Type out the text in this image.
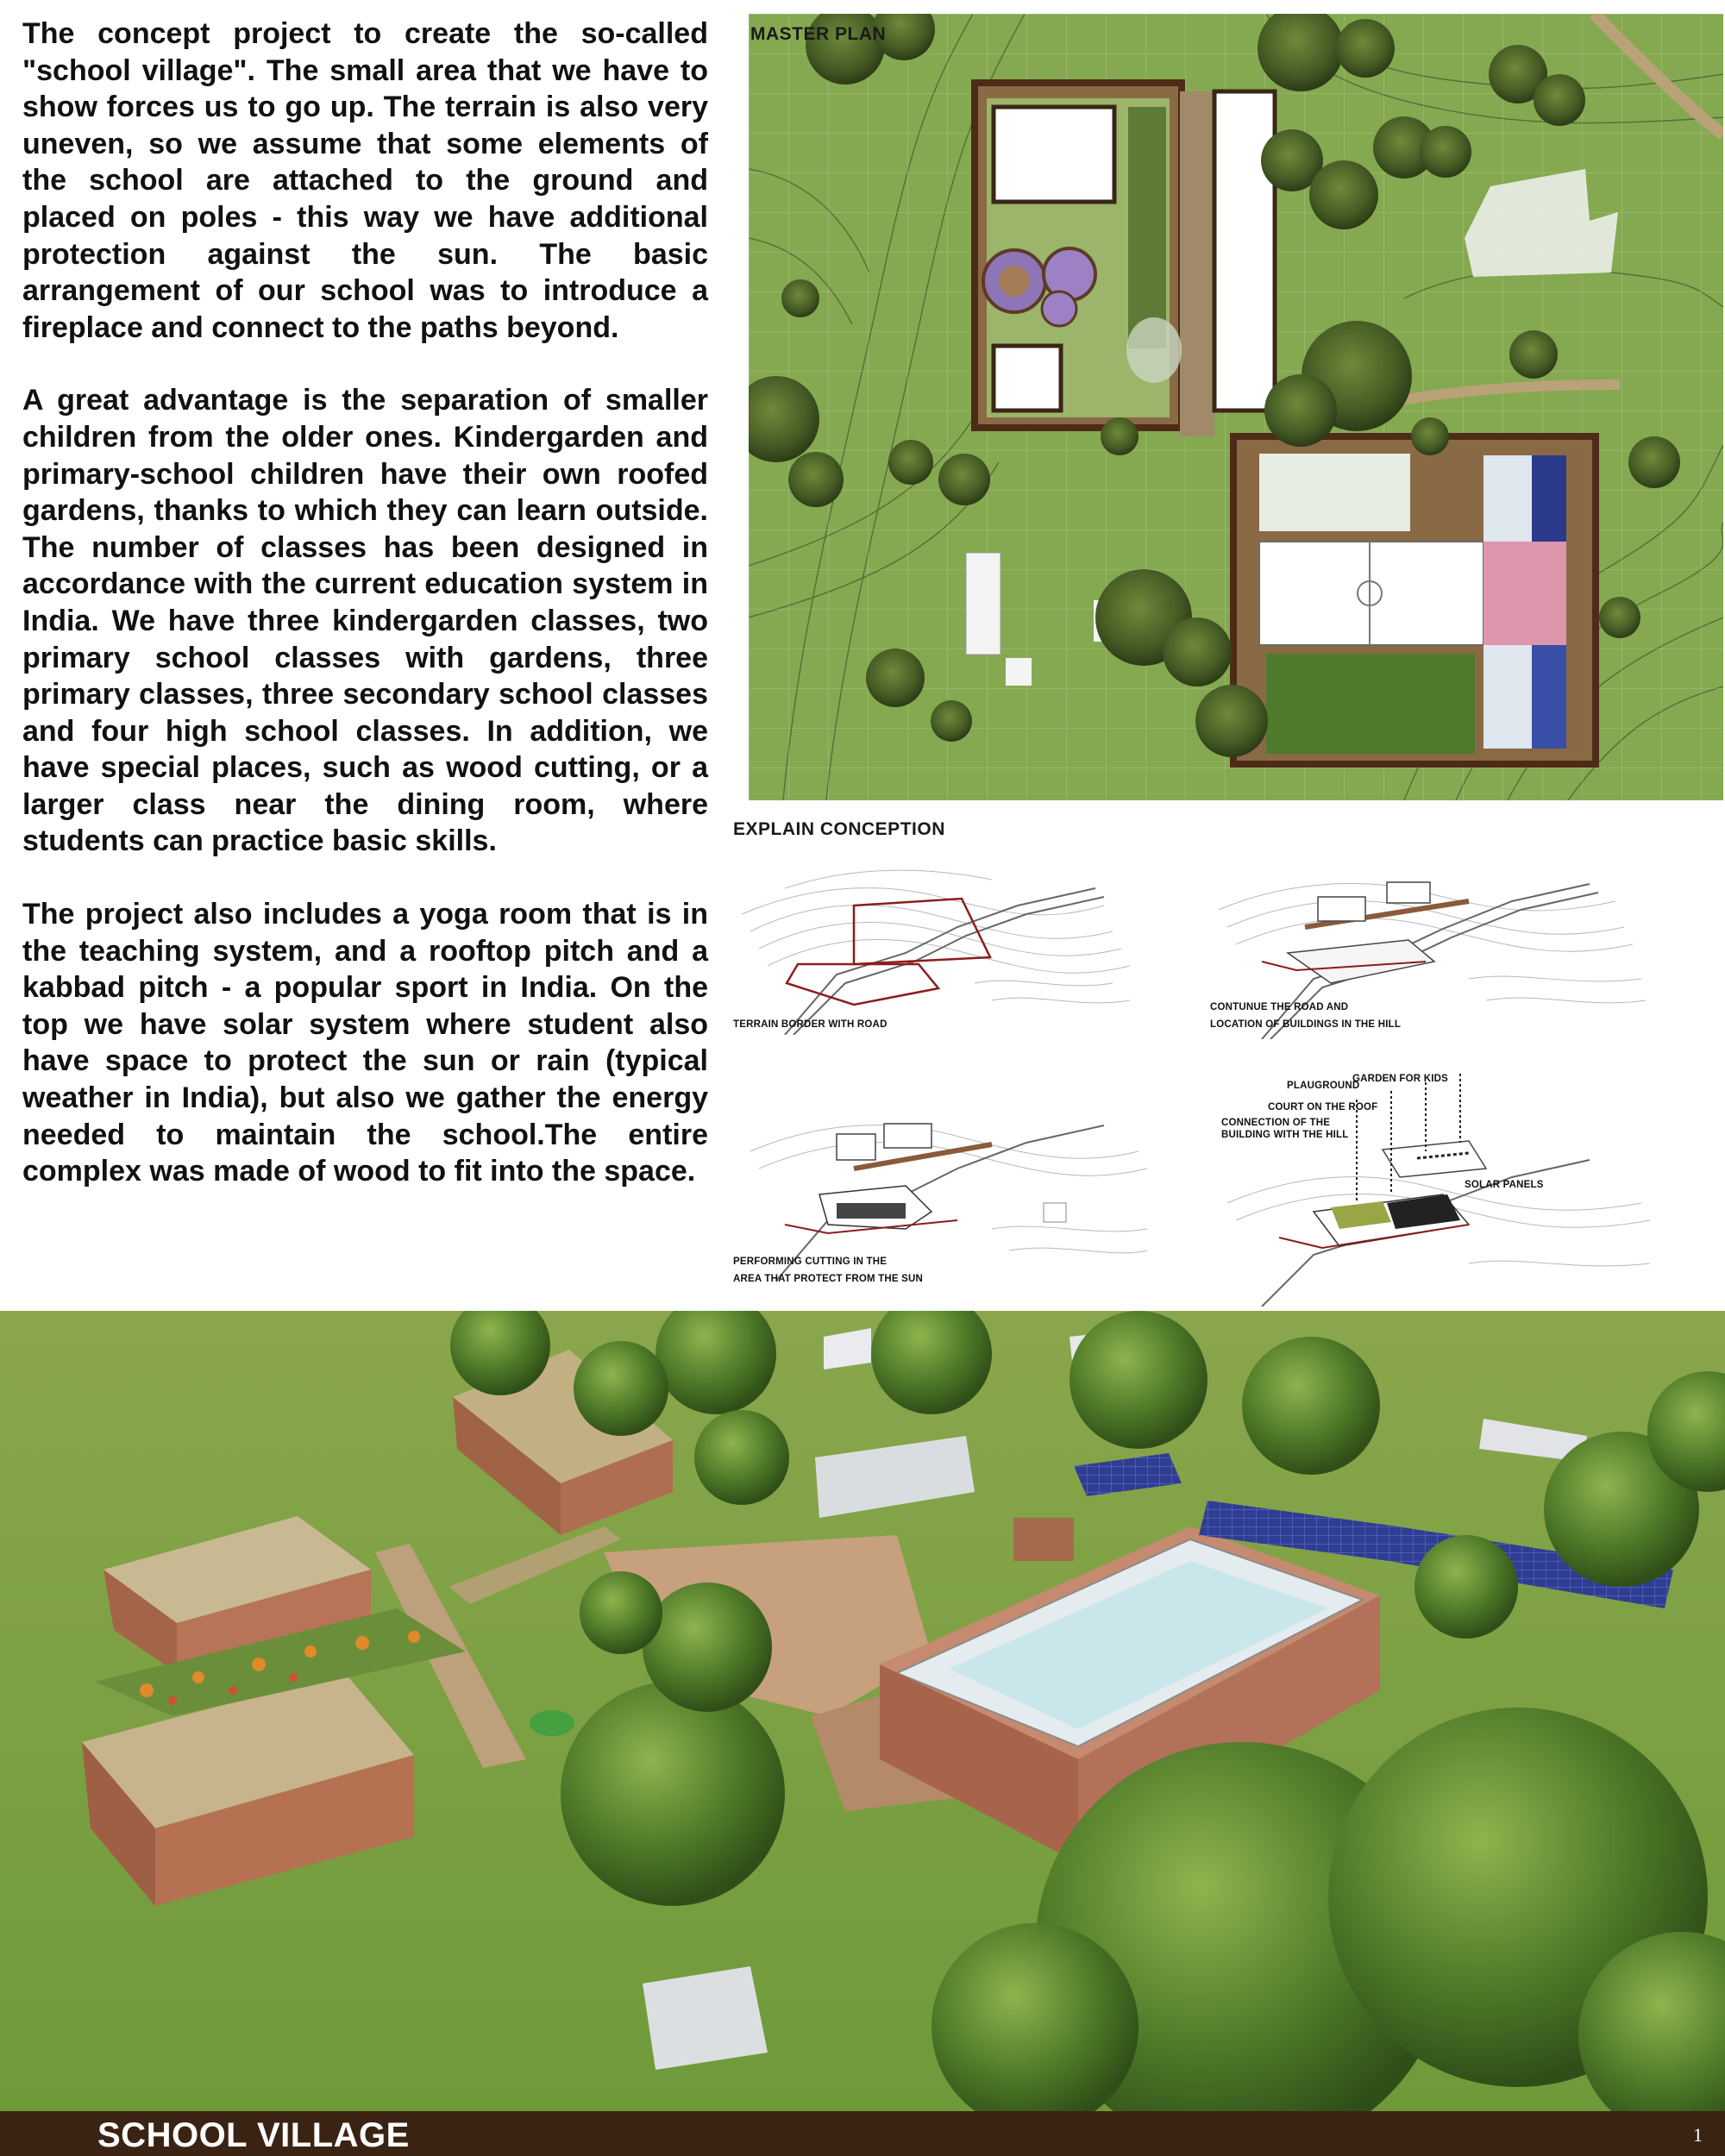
The concept project to create the so-called "school village". The small area that we have to show forces us to go up. The terrain is also very uneven, so we assume that some elements of the school are attached to the ground and placed on poles - this way we have additional protection against the sun. The basic arrangement of our school was to introduce a fireplace and connect to the paths beyond.

A great advantage is the separation of smaller children from the older ones. Kindergarden and primary-school children have their own roofed gardens, thanks to which they can learn outside. The number of classes has been designed in accordance with the current education system in India. We have three kindergarden classes, two primary school classes with gardens, three primary classes, three secondary school classes and four high school classes. In addition, we have special places, such as wood cutting, or a larger class near the dining room, where students can practice basic skills.

The project also includes a yoga room that is in the teaching system, and a rooftop pitch and a kabbad pitch - a popular sport in India. On the top we have solar system where student also have space to protect the sun or rain (typical weather in India), but also we gather the energy needed to maintain the school.The entire complex was made of wood to fit into the space.

MASTER PLAN
EXPLAIN CONCEPTION
TERRAIN BORDER WITH ROAD
CONTUNUE THE ROAD AND
LOCATION OF BUILDINGS IN THE HILL
PERFORMING CUTTING IN THE
AREA THAT PROTECT FROM THE SUN
GARDEN FOR KIDS
PLAUGROUND
COURT ON THE ROOF
CONNECTION OF THE
BUILDING WITH THE HILL
SOLAR PANELS
SCHOOL VILLAGE	1
